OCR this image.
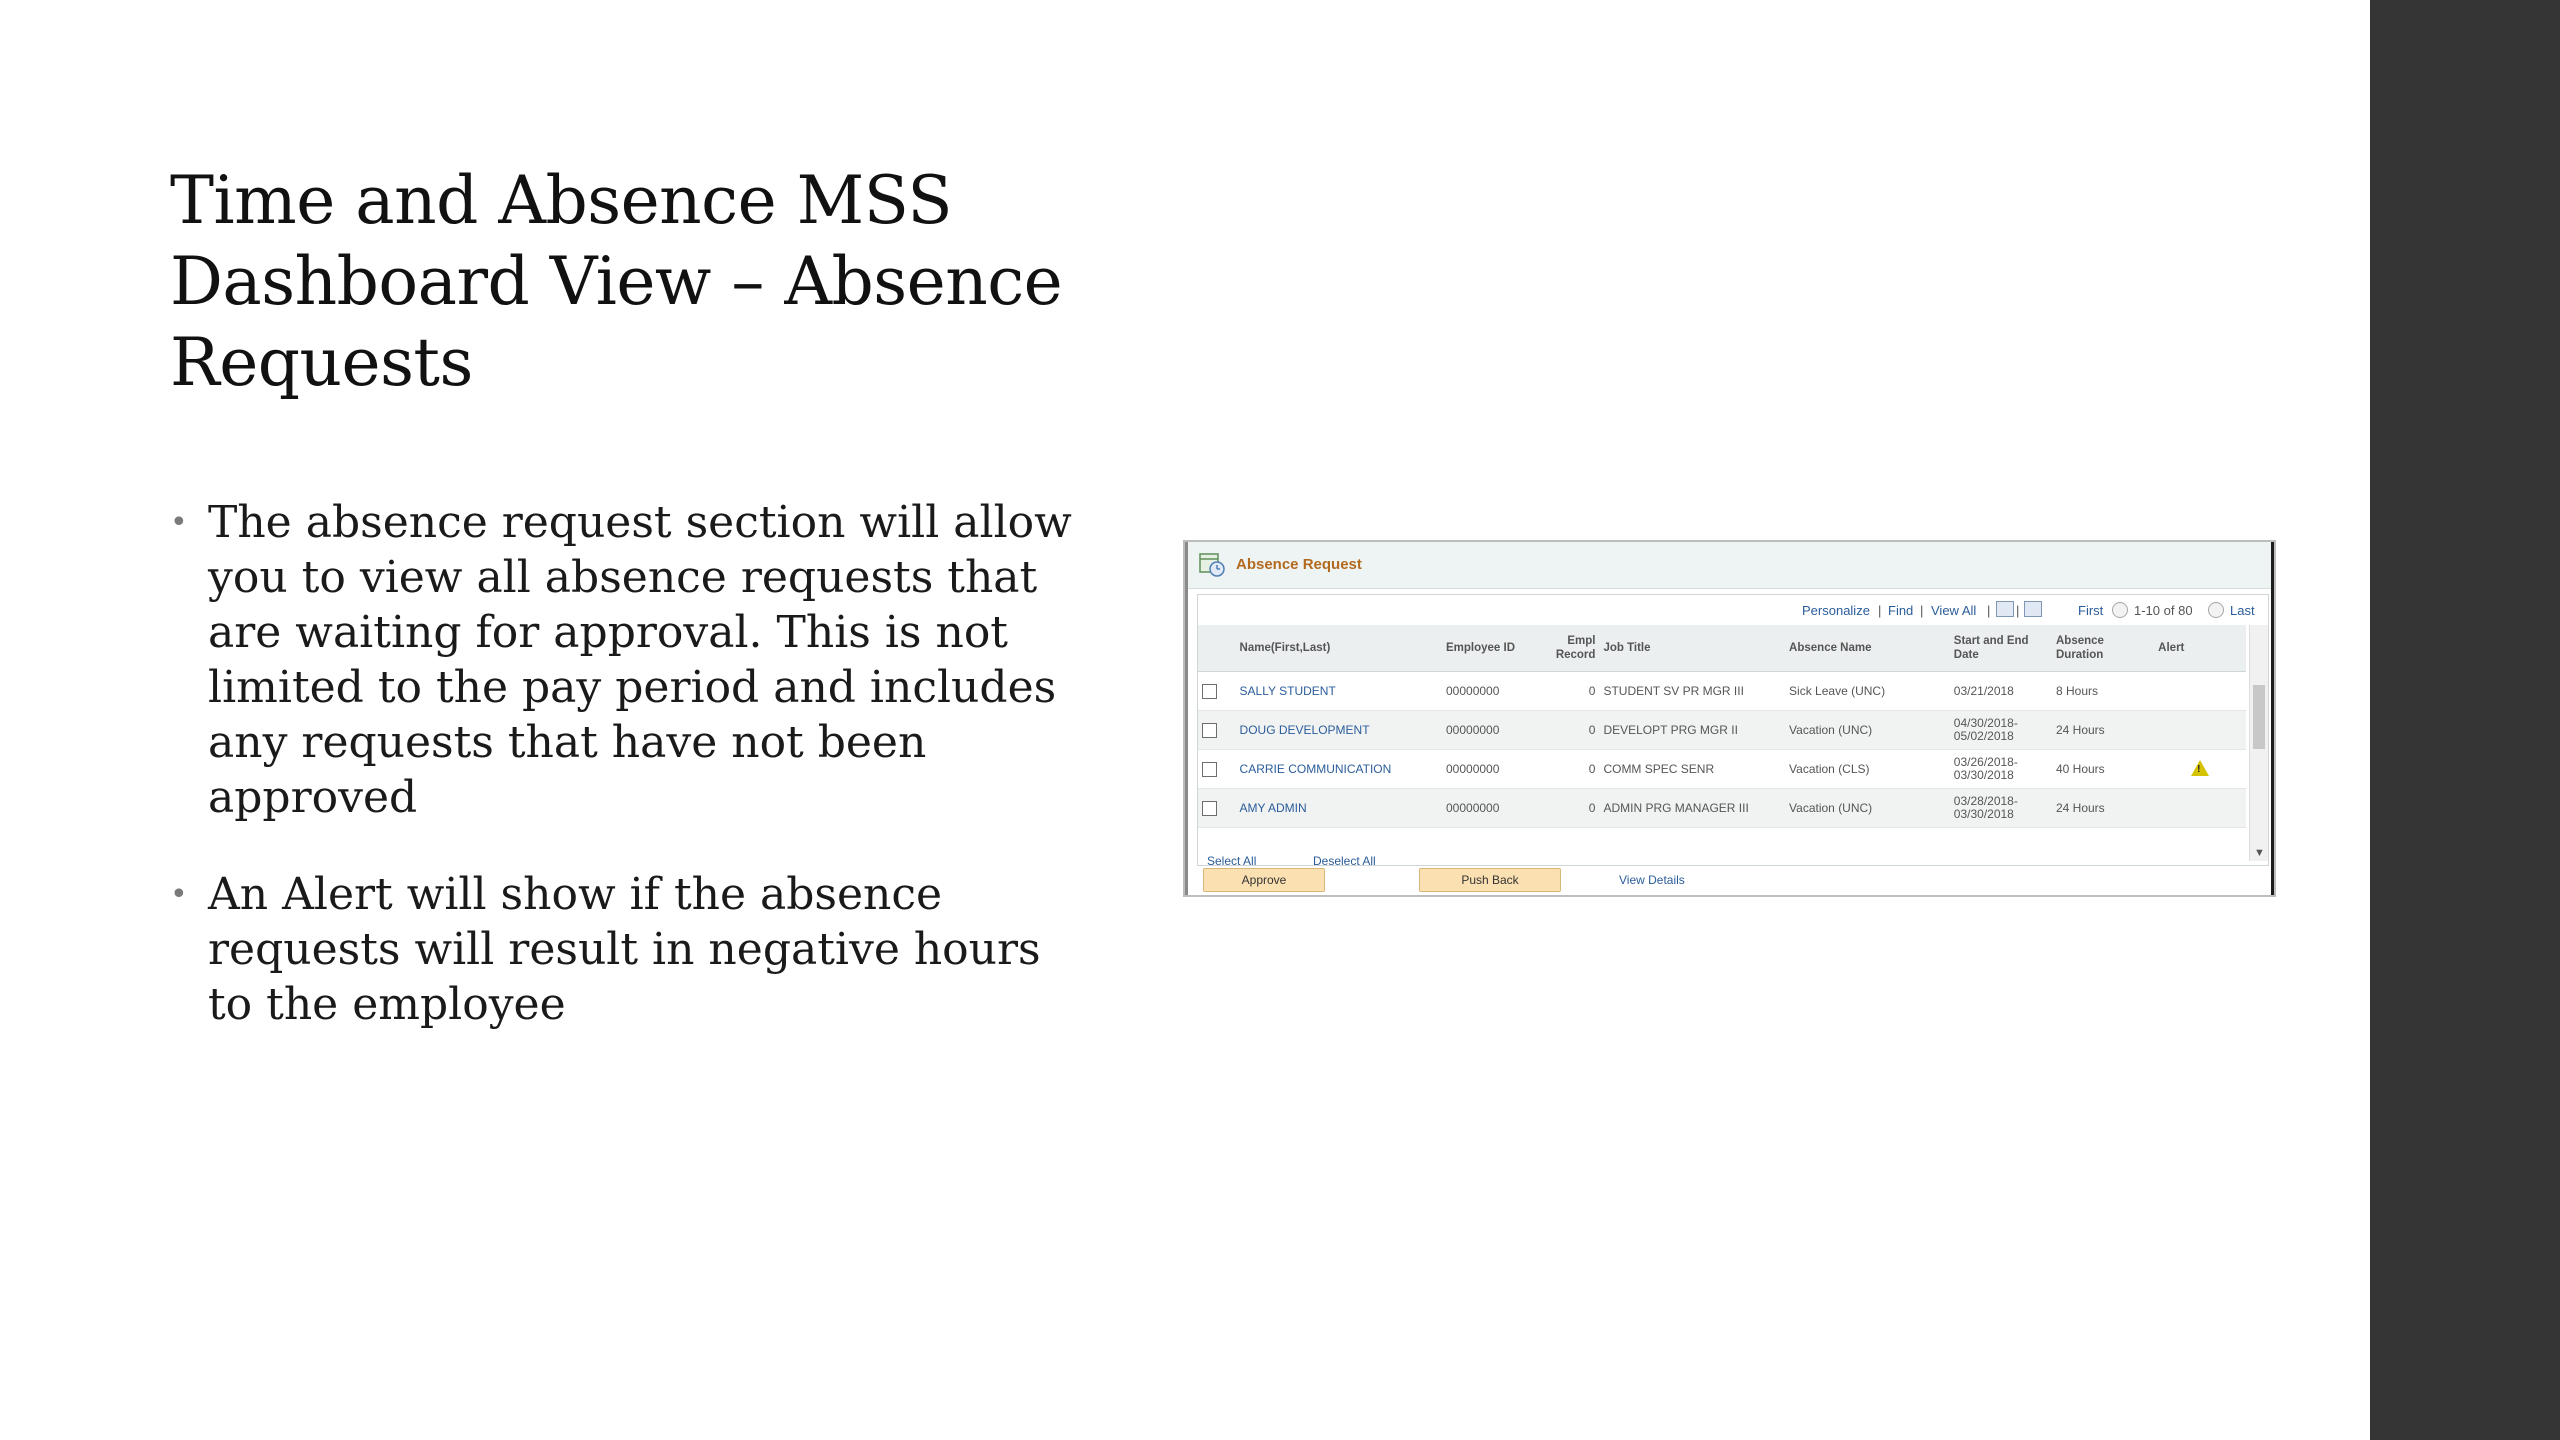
Time and Absence MSS
Dashboard View – Absence
Requests
• The absence request section will allow you to view all absence requests that are waiting for approval. This is not limited to the pay period and includes any requests that have not been approved
• An Alert will show if the absence requests will result in negative hours to the employee
Absence Request
Personalize | Find | View All | |	First 1-10 of 80	Last
	Name(First,Last)	Employee ID	Empl Record	Job Title	Absence Name	Start and End Date	Absence Duration	Alert
	SALLY STUDENT	00000000	0	STUDENT SV PR MGR III	Sick Leave (UNC)	03/21/2018	8 Hours	
	DOUG DEVELOPMENT	00000000	0	DEVELOPT PRG MGR II	Vacation (UNC)	04/30/2018-05/02/2018	24 Hours	
	CARRIE COMMUNICATION	00000000	0	COMM SPEC SENR	Vacation (CLS)	03/26/2018-03/30/2018	40 Hours	!

	AMY ADMIN	00000000	0	ADMIN PRG MANAGER III	Vacation (UNC)	03/28/2018-03/30/2018	24 Hours	
▼
Select All	Deselect All
Approve	Push Back	View Details
